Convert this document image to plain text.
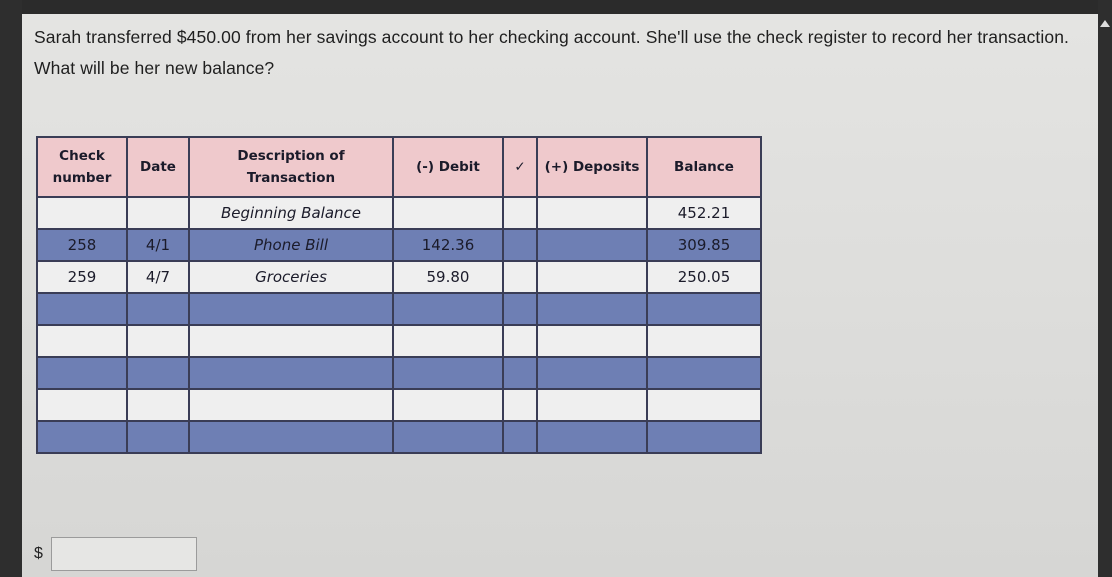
Sarah transferred $450.00 from her savings account to her checking account. She'll use the check register to record her transaction. What will be her new balance?

Check number	Date	Description of Transaction	(-) Debit	✓	(+) Deposits	Balance
		Beginning Balance				452.21
258	4/1	Phone Bill	142.36			309.85
259	4/7	Groceries	59.80			250.05

$
